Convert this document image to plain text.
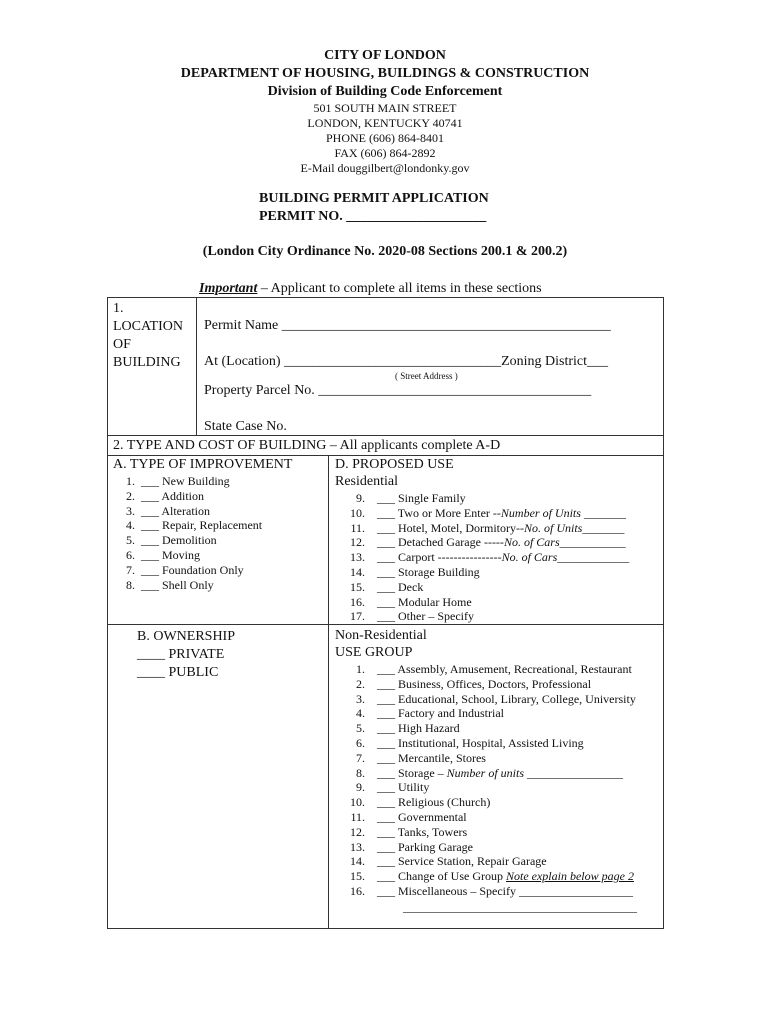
CITY OF LONDON
DEPARTMENT OF HOUSING, BUILDINGS & CONSTRUCTION
Division of Building Code Enforcement
501 SOUTH MAIN STREET
LONDON, KENTUCKY 40741
PHONE (606) 864-8401
FAX (606) 864-2892
E-Mail douggilbert@londonky.gov
BUILDING PERMIT APPLICATION
PERMIT NO. ____________________
(London City Ordinance No. 2020-08 Sections 200.1 & 200.2)
Important – Applicant to complete all items in these sections
1.
LOCATION
OF
BUILDING
Permit Name _______________________________________________
At (Location) _______________________________Zoning District___
( Street Address )
Property Parcel No. _______________________________________
State Case No.
2. TYPE AND COST OF BUILDING – All applicants complete A-D
A. TYPE OF IMPROVEMENT
1. ___ New Building
2. ___ Addition
3. ___ Alteration
4. ___ Repair, Replacement
5. ___ Demolition
6. ___ Moving
7. ___ Foundation Only
8. ___ Shell Only
D. PROPOSED USE
Residential
9. ___ Single Family
10. ___ Two or More Enter --Number of Units _______
11. ___ Hotel, Motel, Dormitory--No. of Units_______
12. ___ Detached Garage -----No. of Cars___________
13. ___ Carport ----------------No. of Cars____________
14. ___ Storage Building
15. ___ Deck
16. ___ Modular Home
17. ___ Other – Specify
B. OWNERSHIP
____ PRIVATE
____ PUBLIC
Non-Residential
USE GROUP
1. ___ Assembly, Amusement, Recreational, Restaurant
2. ___ Business, Offices, Doctors, Professional
3. ___ Educational, School, Library, College, University
4. ___ Factory and Industrial
5. ___ High Hazard
6. ___ Institutional, Hospital, Assisted Living
7. ___ Mercantile, Stores
8. ___ Storage – Number of units ________________
9. ___ Utility
10. ___ Religious (Church)
11. ___ Governmental
12. ___ Tanks, Towers
13. ___ Parking Garage
14. ___ Service Station, Repair Garage
15. ___ Change of Use Group Note explain below page 2
16. ___ Miscellaneous – Specify ___________________
_______________________________________
